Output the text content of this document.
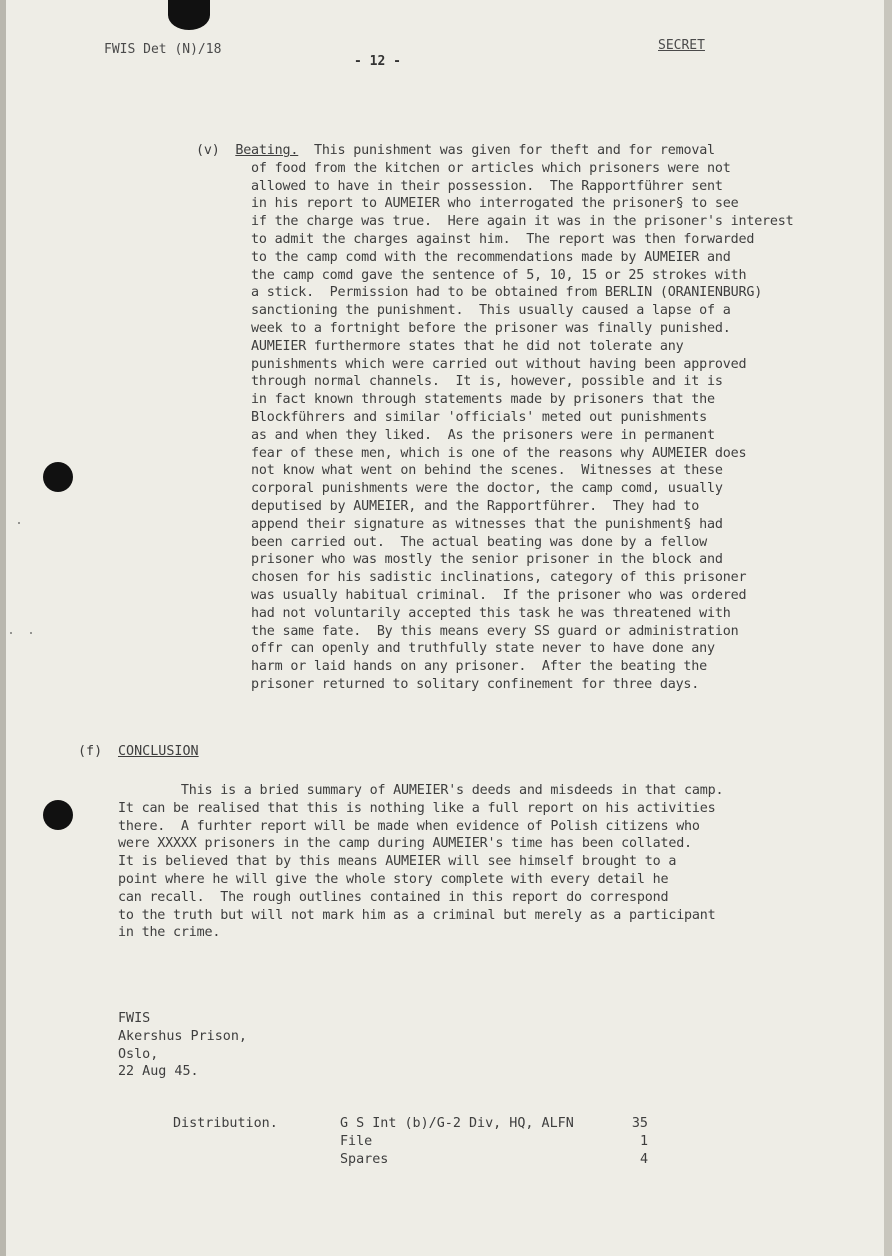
FWIS Det (N)/18
- 12 -
SECRET
(v) Beating.  This punishment was given for theft and for removal
of food from the kitchen or articles which prisoners were not
allowed to have in their possession.  The Rapportführer sent
in his report to AUMEIER who interrogated the prisoner§ to see
if the charge was true.  Here again it was in the prisoner's interest
to admit the charges against him.  The report was then forwarded
to the camp comd with the recommendations made by AUMEIER and
the camp comd gave the sentence of 5, 10, 15 or 25 strokes with
a stick.  Permission had to be obtained from BERLIN (ORANIENBURG)
sanctioning the punishment.  This usually caused a lapse of a
week to a fortnight before the prisoner was finally punished.
AUMEIER furthermore states that he did not tolerate any
punishments which were carried out without having been approved
through normal channels.  It is, however, possible and it is
in fact known through statements made by prisoners that the
Blockführers and similar 'officials' meted out punishments
as and when they liked.  As the prisoners were in permanent
fear of these men, which is one of the reasons why AUMEIER does
not know what went on behind the scenes.  Witnesses at these
corporal punishments were the doctor, the camp comd, usually
deputised by AUMEIER, and the Rapportführer.  They had to
append their signature as witnesses that the punishment§ had
been carried out.  The actual beating was done by a fellow
prisoner who was mostly the senior prisoner in the block and
chosen for his sadistic inclinations, category of this prisoner
was usually habitual criminal.  If the prisoner who was ordered
had not voluntarily accepted this task he was threatened with
the same fate.  By this means every SS guard or administration
offr can openly and truthfully state never to have done any
harm or laid hands on any prisoner.  After the beating the
prisoner returned to solitary confinement for three days.
(f) CONCLUSION
This is a bried summary of AUMEIER's deeds and misdeeds in that camp.
It can be realised that this is nothing like a full report on his activities
there.  A furhter report will be made when evidence of Polish citizens who
were XXXXX prisoners in the camp during AUMEIER's time has been collated.
It is believed that by this means AUMEIER will see himself brought to a
point where he will give the whole story complete with every detail he
can recall.  The rough outlines contained in this report do correspond
to the truth but will not mark him as a criminal but merely as a participant
in the crime.
FWIS
Akershus Prison,
Oslo,
22 Aug 45.
Distribution.	G S Int (b)/G-2 Div, HQ, ALFN	35
File	1
Spares	4
